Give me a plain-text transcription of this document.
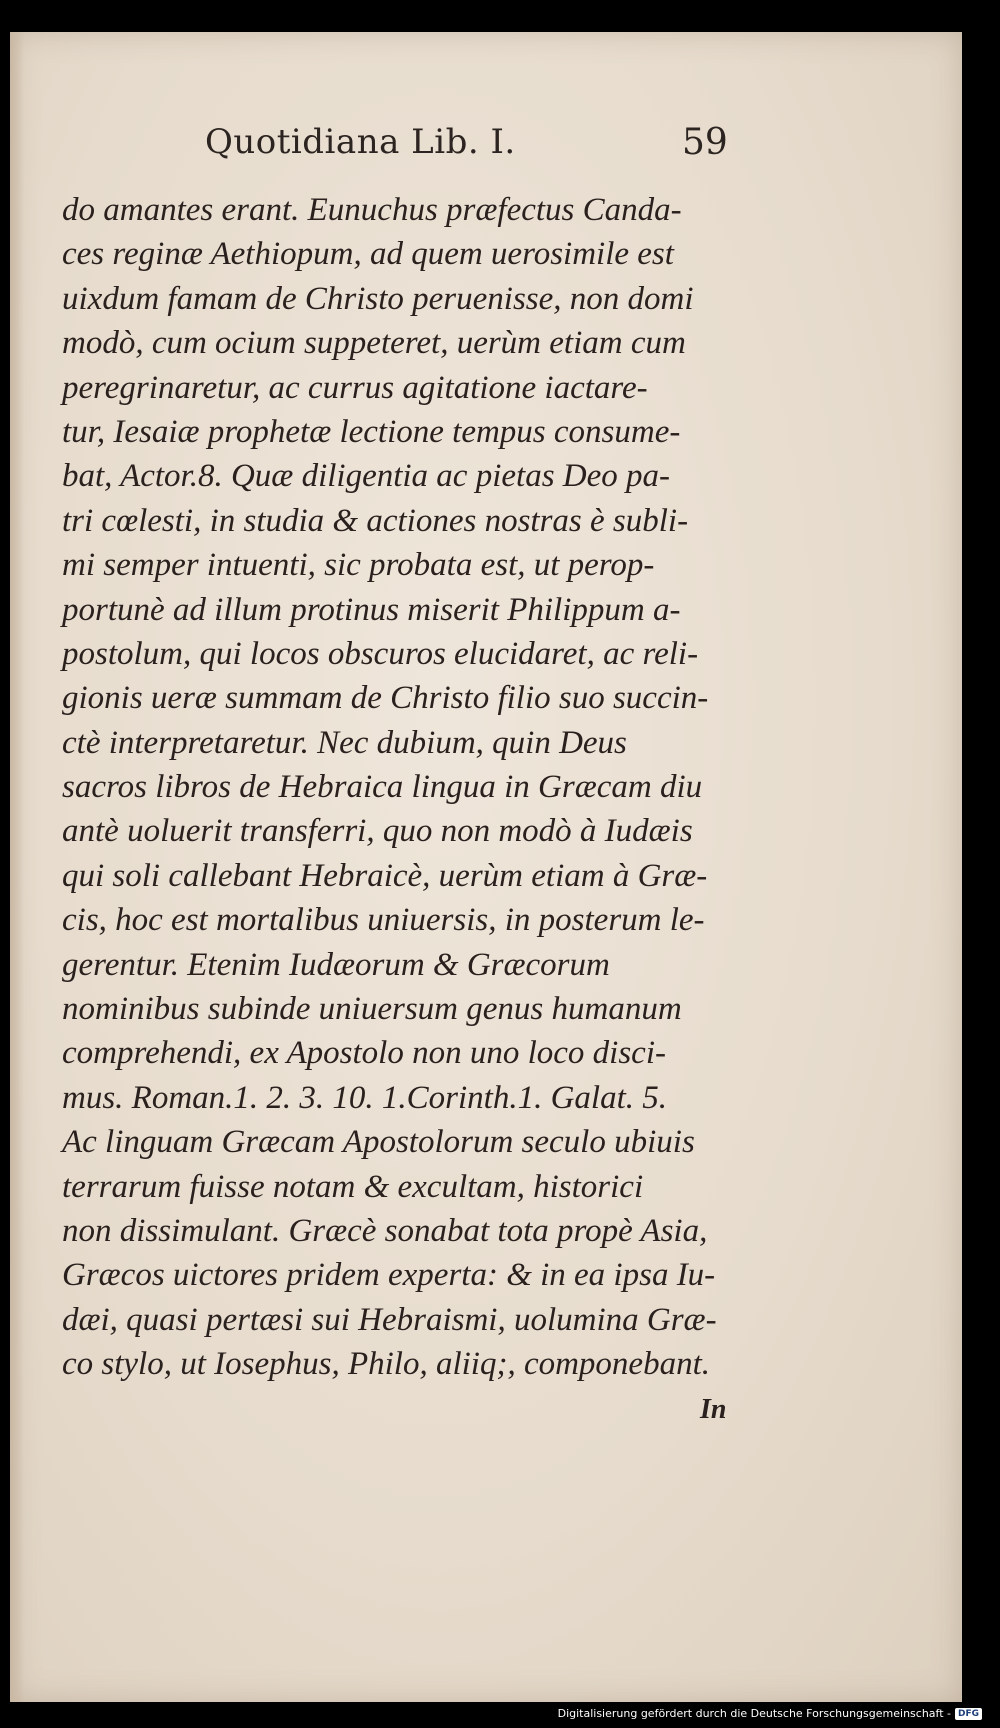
Quotidiana Lib. I.	59
do amantes erant. Eunuchus præfectus Canda-
ces reginæ Aethiopum, ad quem uerosimile est
uixdum famam de Christo peruenisse, non domi
modò, cum ocium suppeteret, uerùm etiam cum
peregrinaretur, ac currus agitatione iactare-
tur, Iesaiæ prophetæ lectione tempus consume-
bat, Actor.8. Quæ diligentia ac pietas Deo pa-
tri cœlesti, in studia & actiones nostras è subli-
mi semper intuenti, sic probata est, ut perop-
portunè ad illum protinus miserit Philippum a-
postolum, qui locos obscuros elucidaret, ac reli-
gionis ueræ summam de Christo filio suo succin-
ctè interpretaretur. Nec dubium, quin Deus
sacros libros de Hebraica lingua in Græcam diu
antè uoluerit transferri, quo non modò à Iudæis
qui soli callebant Hebraicè, uerùm etiam à Græ-
cis, hoc est mortalibus uniuersis, in posterum le-
gerentur. Etenim Iudæorum & Græcorum
nominibus subinde uniuersum genus humanum
comprehendi, ex Apostolo non uno loco disci-
mus. Roman.1. 2. 3. 10. 1.Corinth.1. Galat. 5.
Ac linguam Græcam Apostolorum seculo ubiuis
terrarum fuisse notam & excultam, historici
non dissimulant. Græcè sonabat tota propè Asia,
Græcos uictores pridem experta: & in ea ipsa Iu-
dæi, quasi pertæsi sui Hebraismi, uolumina Græ-
co stylo, ut Iosephus, Philo, aliiq;, componebant.
In
Digitalisierung gefördert durch die Deutsche Forschungsgemeinschaft - DFG
